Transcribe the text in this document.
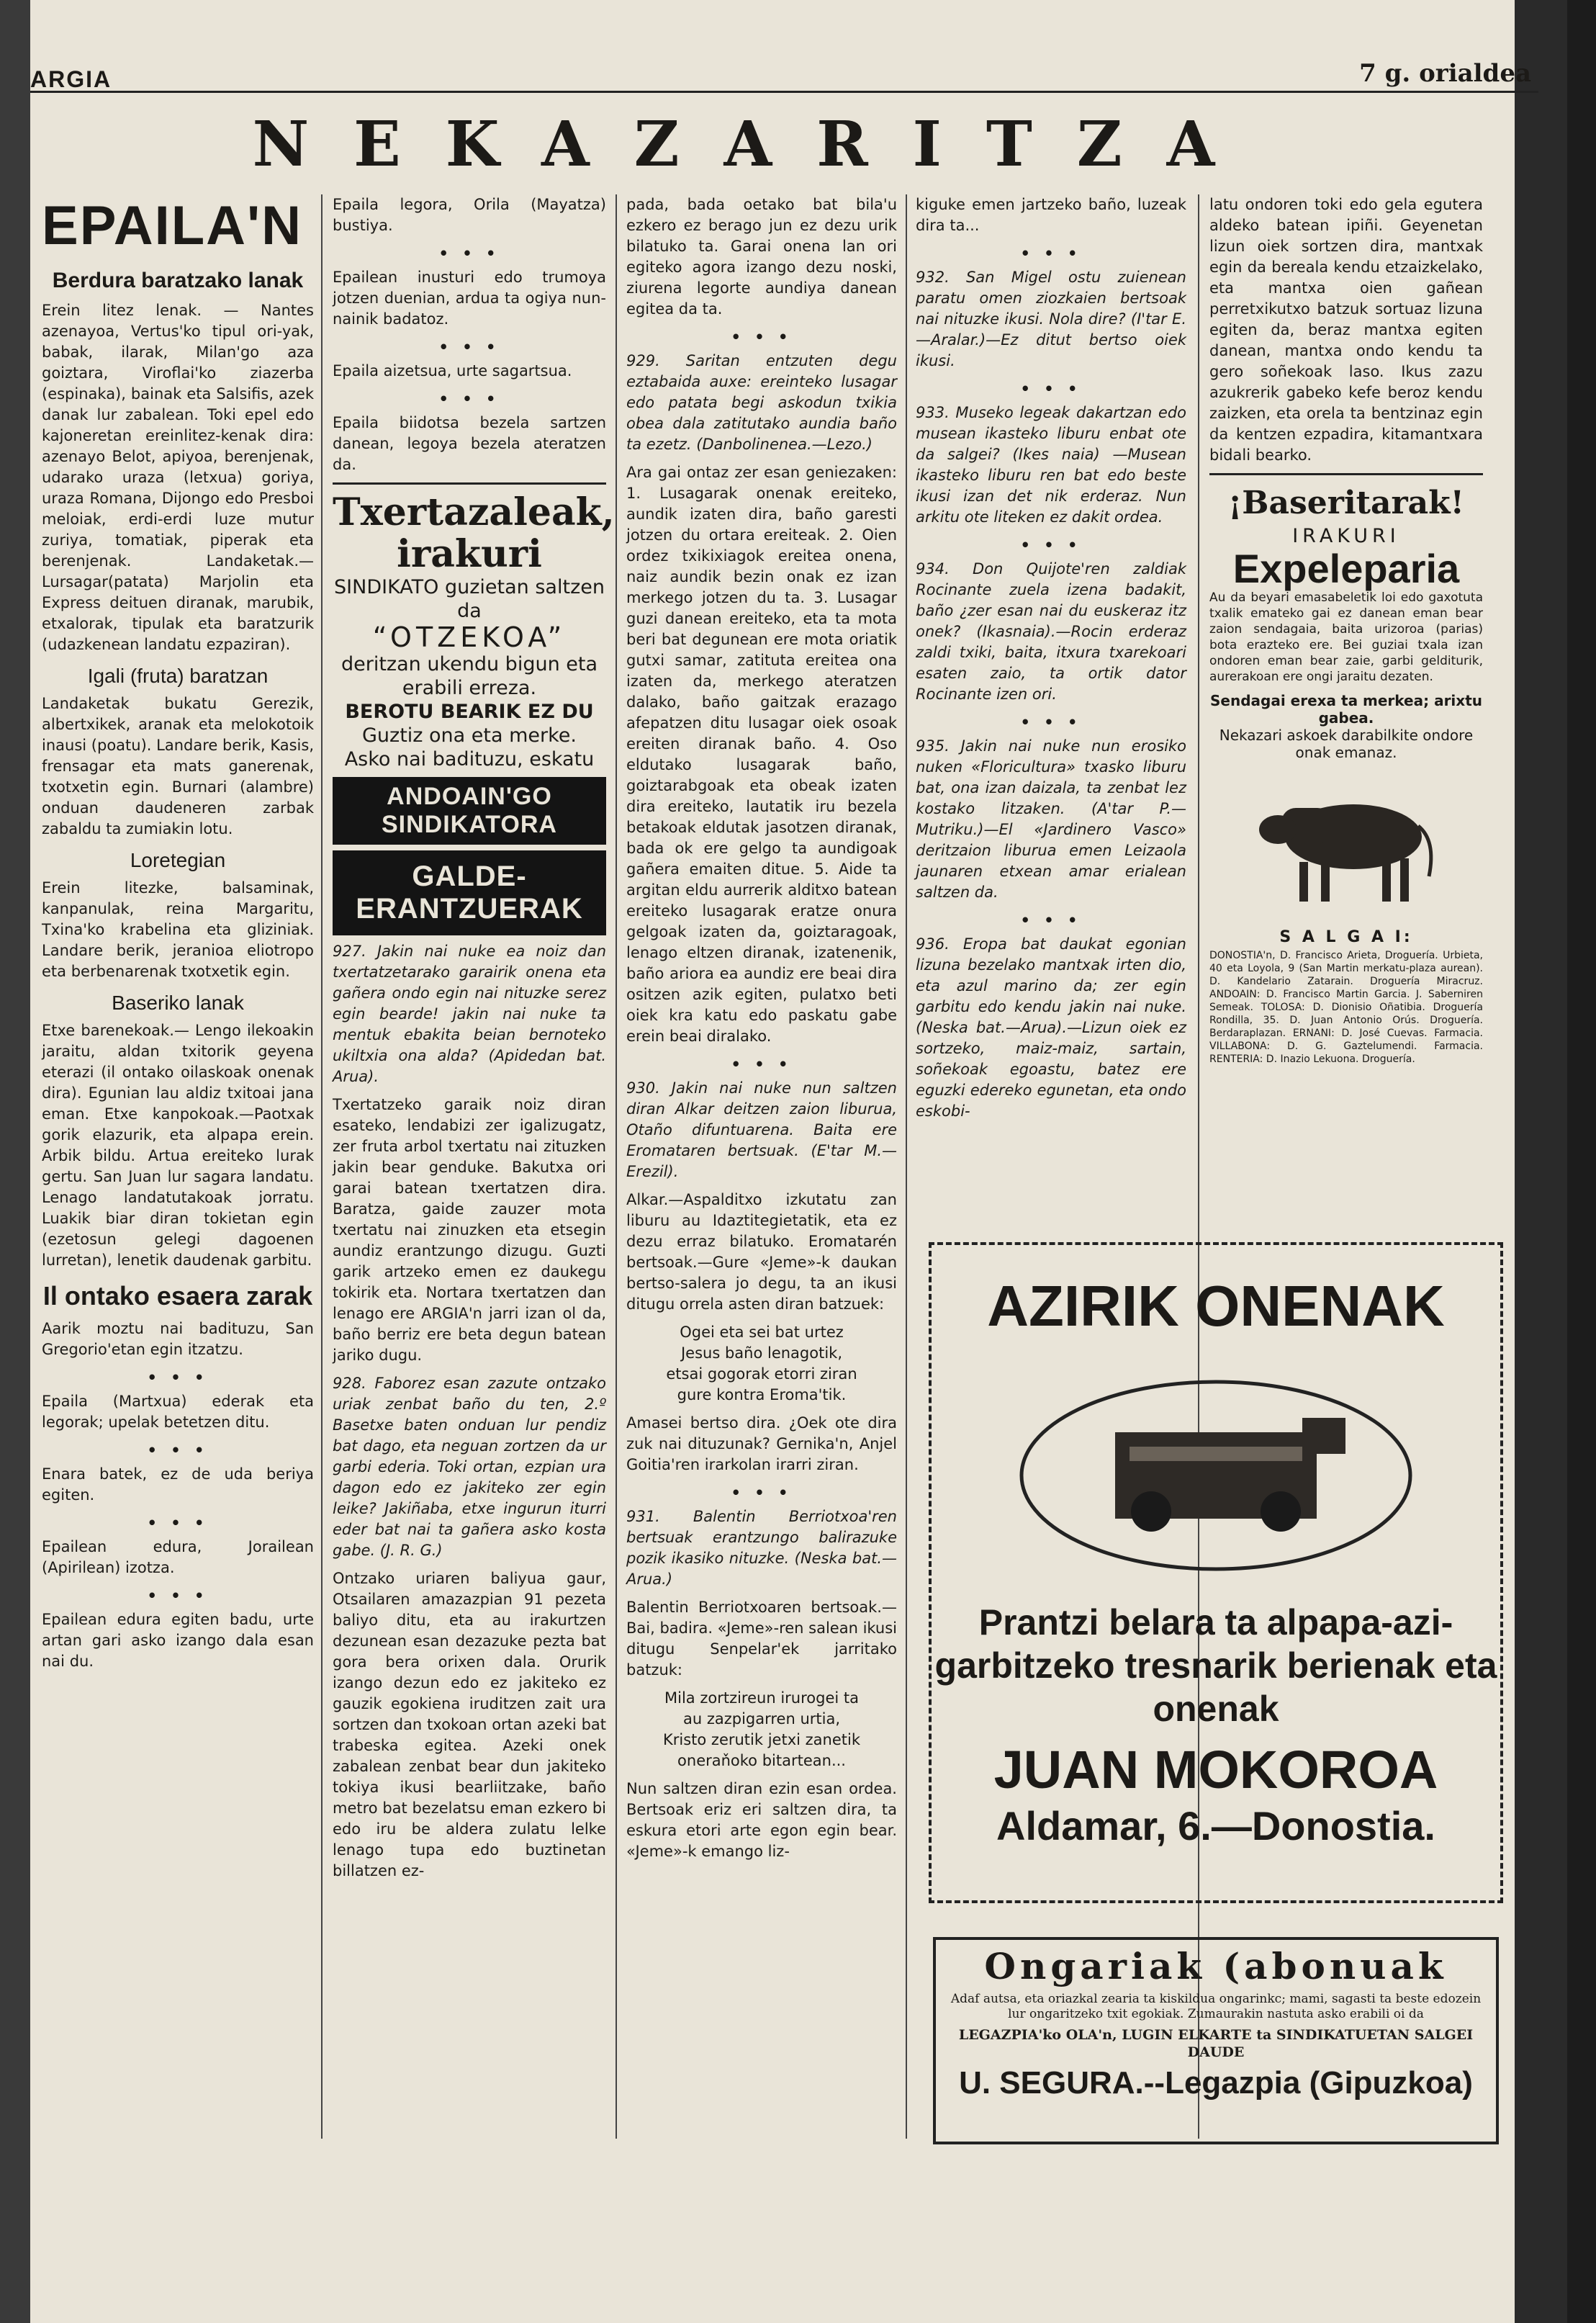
ARGIA	7 g. orialdea
NEKAZARITZA
EPAILA'N
Berdura baratzako lanak

Erein litez lenak. — Nantes azenayoa, Vertus'ko tipul ori-yak, babak, ilarak, Milan'go aza goiztara, Viroflai'ko ziazerba (espinaka), bainak eta Salsifis, azek danak lur zabalean. Toki epel edo kajoneretan ereinlitez-kenak dira: azenayo Belot, apiyoa, berenjenak, udarako uraza (letxua) goriya, uraza Romana, Dijongo edo Presboi meloiak, erdi-erdi luze mutur zuriya, tomatiak, piperak eta berenjenak. Landaketak.—Lursagar(patata) Marjolin eta Express deituen diranak, marubik, etxalorak, tipulak eta baratzurik (udazkenean landatu ezpaziran).

Igali (fruta) baratzan

Landaketak bukatu Gerezik, albertxikek, aranak eta melokotoik inausi (poatu). Landare berik, Kasis, frensagar eta mats ganerenak, txotxetin egin. Burnari (alambre) onduan daudeneren zarbak zabaldu ta zumiakin lotu.

Loretegian

Erein litezke, balsaminak, kanpanulak, reina Margaritu, Txina'ko krabelina eta gliziniak. Landare berik, jeranioa eliotropo eta berbenarenak txotxetik egin.

Baseriko lanak

Etxe barenekoak.— Lengo ilekoakin jaraitu, aldan txitorik geyena eterazi (il ontako oilaskoak onenak dira). Egunian lau aldiz txitoai jana eman. Etxe kanpokoak.—Paotxak gorik elazurik, eta alpapa erein. Arbik bildu. Artua ereiteko lurak gertu. San Juan lur sagara landatu. Lenago landatutakoak jorratu. Luakik biar diran tokietan egin (ezetosun gelegi dagoenen lurretan), lenetik daudenak garbitu.

Il ontako esaera zarak

Aarik moztu nai badituzu, San Gregorio'etan egin itzatzu.

• • •

Epaila (Martxua) ederak eta legorak; upelak betetzen ditu.

• • •

Enara batek, ez de uda beriya egiten.

• • •

Epailean edura, Jorailean (Apirilean) izotza.

• • •

Epailean edura egiten badu, urte artan gari asko izango dala esan nai du.

Epaila legora, Orila (Mayatza) bustiya.

• • •

Epailean inusturi edo trumoya jotzen duenian, ardua ta ogiya nun-nainik badatoz.

• • •

Epaila aizetsua, urte sagartsua.

• • •

Epaila biidotsa bezela sartzen danean, legoya bezela ateratzen da.

Txertazaleak, irakuri
SINDIKATO guzietan saltzen da
“OTZEKOA”
deritzan ukendu bigun eta erabili erreza.
BEROTU BEARIK EZ DU
Guztiz ona eta merke.
Asko nai badituzu, eskatu
ANDOAIN'GO SINDIKATORA
GALDE-ERANTZUERAK

927. Jakin nai nuke ea noiz dan txertatzetarako garairik onena eta gañera ondo egin nai nituzke serez egin bearde! jakin nai nuke ta mentuk ebakita beian bernoteko ukiltxia ona alda? (Apidedan bat. Arua).

Txertatzeko garaik noiz diran esateko, lendabizi zer igalizugatz, zer fruta arbol txertatu nai zituzken jakin bear genduke. Bakutxa ori garai batean txertatzen dira. Baratza, gaide zauzer mota txertatu nai zinuzken eta etsegin aundiz erantzungo dizugu. Guzti garik artzeko emen ez daukegu tokirik eta. Nortara txertatzen dan lenago ere ARGIA'n jarri izan ol da, baño berriz ere beta degun batean jariko dugu.

928. Faborez esan zazute ontzako uriak zenbat baño du ten, 2.º Basetxe baten onduan lur pendiz bat dago, eta neguan zortzen da ur garbi ederia. Toki ortan, ezpian ura dagon edo ez jakiteko zer egin leike? Jakiñaba, etxe ingurun iturri eder bat nai ta gañera asko kosta gabe. (J. R. G.)

Ontzako uriaren baliyua gaur, Otsailaren amazazpian 91 pezeta baliyo ditu, eta au irakurtzen dezunean esan dezazuke pezta bat gora bera orixen dala. Orurik izango dezun edo ez jakiteko ez gauzik egokiena iruditzen zait ura sortzen dan txokoan ortan azeki bat trabeska egitea. Azeki onek zabalean zenbat bear dun jakiteko tokiya ikusi bearliitzake, baño metro bat bezelatsu eman ezkero bi edo iru be aldera zulatu lelke lenago tupa edo buztinetan billatzen ez-

pada, bada oetako bat bila'u ezkero ez berago jun ez dezu urik bilatuko ta. Garai onena lan ori egiteko agora izango dezu noski, ziurena legorte aundiya danean egitea da ta.

• • •

929. Saritan entzuten degu eztabaida auxe: ereinteko lusagar edo patata begi askodun txikia obea dala zatitutako aundia baño ta ezetz. (Danbolinenea.—Lezo.)

Ara gai ontaz zer esan geniezaken: 1. Lusagarak onenak ereiteko, aundik izaten dira, baño garesti jotzen du ortara ereiteak. 2. Oien ordez txikixiagok ereitea onena, naiz aundik bezin onak ez izan merkego jotzen du ta. 3. Lusagar guzi danean ereiteko, eta ta mota beri bat degunean ere mota oriatik gutxi samar, zatituta ereitea ona izaten da, merkego ateratzen dalako, baño gaitzak erazago afepatzen ditu lusagar oiek osoak ereiten diranak baño. 4. Oso eldutako lusagarak baño, goiztarabgoak eta obeak izaten dira ereiteko, lautatik iru bezela betakoak eldutak jasotzen diranak, bada ok ere gelgo ta aundigoak gañera emaiten ditue. 5. Aide ta argitan eldu aurrerik alditxo batean ereiteko lusagarak eratze onura gelgoak izaten da, goiztaragoak, lenago eltzen diranak, izatenenik, baño ariora ea aundiz ere beai dira ositzen azik egiten, pulatxo beti oiek kra katu edo paskatu gabe erein beai diralako.

• • •

930. Jakin nai nuke nun saltzen diran Alkar deitzen zaion liburua, Otaño difuntuarena. Baita ere Eromataren bertsuak. (E'tar M.—Erezil).

Alkar.—Aspalditxo izkutatu zan liburu au Idaztitegietatik, eta ez dezu erraz bilatuko. Eromatarén bertsoak.—Gure «Jeme»-k daukan bertso-salera jo degu, ta an ikusi ditugu orrela asten diran batzuek:

Ogei eta sei bat urtez
Jesus baño lenagotik,
etsai gogorak etorri ziran
gure kontra Eroma'tik.

Amasei bertso dira. ¿Oek ote dira zuk nai dituzunak? Gernika'n, Anjel Goitia'ren irarkolan irarri ziran.

• • •

931. Balentin Berriotxoa'ren bertsuak erantzungo balirazuke pozik ikasiko nituzke. (Neska bat.—Arua.)

Balentin Berriotxoaren bertsoak.—Bai, badira. «Jeme»-ren salean ikusi ditugu Senpelar'ek jarritako batzuk:

Mila zortzireun irurogei ta
au zazpigarren urtia,
Kristo zerutik jetxi zanetik
oneraňoko bitartean...

Nun saltzen diran ezin esan ordea. Bertsoak eriz eri saltzen dira, ta eskura etori arte egon egin bear. «Jeme»-k emango liz-

kiguke emen jartzeko baño, luzeak dira ta...

• • •

932. San Migel ostu zuienean paratu omen ziozkaien bertsoak nai nituzke ikusi. Nola dire? (I'tar E.—Aralar.)—Ez ditut bertso oiek ikusi.

• • •

933. Museko legeak dakartzan edo musean ikasteko liburu enbat ote da salgei? (Ikes naia) —Musean ikasteko liburu ren bat edo beste ikusi izan det nik erderaz. Nun arkitu ote liteken ez dakit ordea.

• • •

934. Don Quijote'ren zaldiak Rocinante zuela izena badakit, baño ¿zer esan nai du euskeraz itz onek? (Ikasnaia).—Rocin erderaz zaldi txiki, baita, itxura txarekoari esaten zaio, ta ortik dator Rocinante izen ori.

• • •

935. Jakin nai nuke nun erosiko nuken «Floricultura» txasko liburu bat, ona izan daizala, ta zenbat lez kostako litzaken. (A'tar P.—Mutriku.)—El «Jardinero Vasco» deritzaion liburua emen Leizaola jaunaren etxean amar erialean saltzen da.

• • •

936. Eropa bat daukat egonian lizuna bezelako mantxak irten dio, eta azul marino da; zer egin garbitu edo kendu jakin nai nuke. (Neska bat.—Arua).—Lizun oiek ez sortzeko, maiz-maiz, sartain, soñekoak egoastu, batez ere eguzki edereko egunetan, eta ondo eskobi-

latu ondoren toki edo gela egutera aldeko batean ipiñi. Geyenetan lizun oiek sortzen dira, mantxak egin da bereala kendu etzaizkelako, eta mantxa oien gañean perretxikutxo batzuk sortuaz lizuna egiten da, beraz mantxa egiten danean, mantxa ondo kendu ta gero soñekoak laso. Ikus zazu azukrerik gabeko kefe beroz kendu zaizken, eta orela ta bentzinaz egin da kentzen ezpadira, kitamantxara bidali bearko.

¡Baseritarak!
IRAKURI
Expeleparia

Au da beyari emasabeletik loi edo gaxotuta txalik emateko gai ez danean eman bear zaion sendagaia, baita urizoroa (parias) bota erazteko ere. Bei guziai txala izan ondoren eman bear zaie, garbi gelditurik, aurerakoan ere ongi jaraitu dezaten.

Sendagai erexa ta merkea; arixtu gabea.
Nekazari askoek darabilkite ondore onak emanaz.
S A L G A I:

DONOSTIA'n, D. Francisco Arieta, Droguería. Urbieta, 40 eta Loyola, 9 (San Martin merkatu-plaza aurean). D. Kandelario Zatarain. Droguería Miracruz. ANDOAIN: D. Francisco Martin Garcia. J. Saberniren Semeak. TOLOSA: D. Dionisio Oñatibia. Droguería Rondilla, 35. D. Juan Antonio Orús. Droguería. Berdaraplazan. ERNANI: D. José Cuevas. Farmacia. VILLABONA: D. G. Gaztelumendi. Farmacia. RENTERIA: D. Inazio Lekuona. Droguería.

AZIRIK ONENAK
Prantzi belara ta alpapa-azi-garbitzeko tresnarik berienak eta onenak
JUAN MOKOROA
Aldamar, 6.—Donostia.
Ongariak (abonuak

Adaf autsa, eta oriazkal zearia ta kiskildua ongarinkc; mami, sagasti ta beste edozein lur ongaritzeko txit egokiak. Zumaurakin nastuta asko erabili oi da

LEGAZPIA'ko OLA'n, LUGIN ELKARTE ta SINDIKATUETAN SALGEI DAUDE

U. SEGURA.--Legazpia (Gipuzkoa)
